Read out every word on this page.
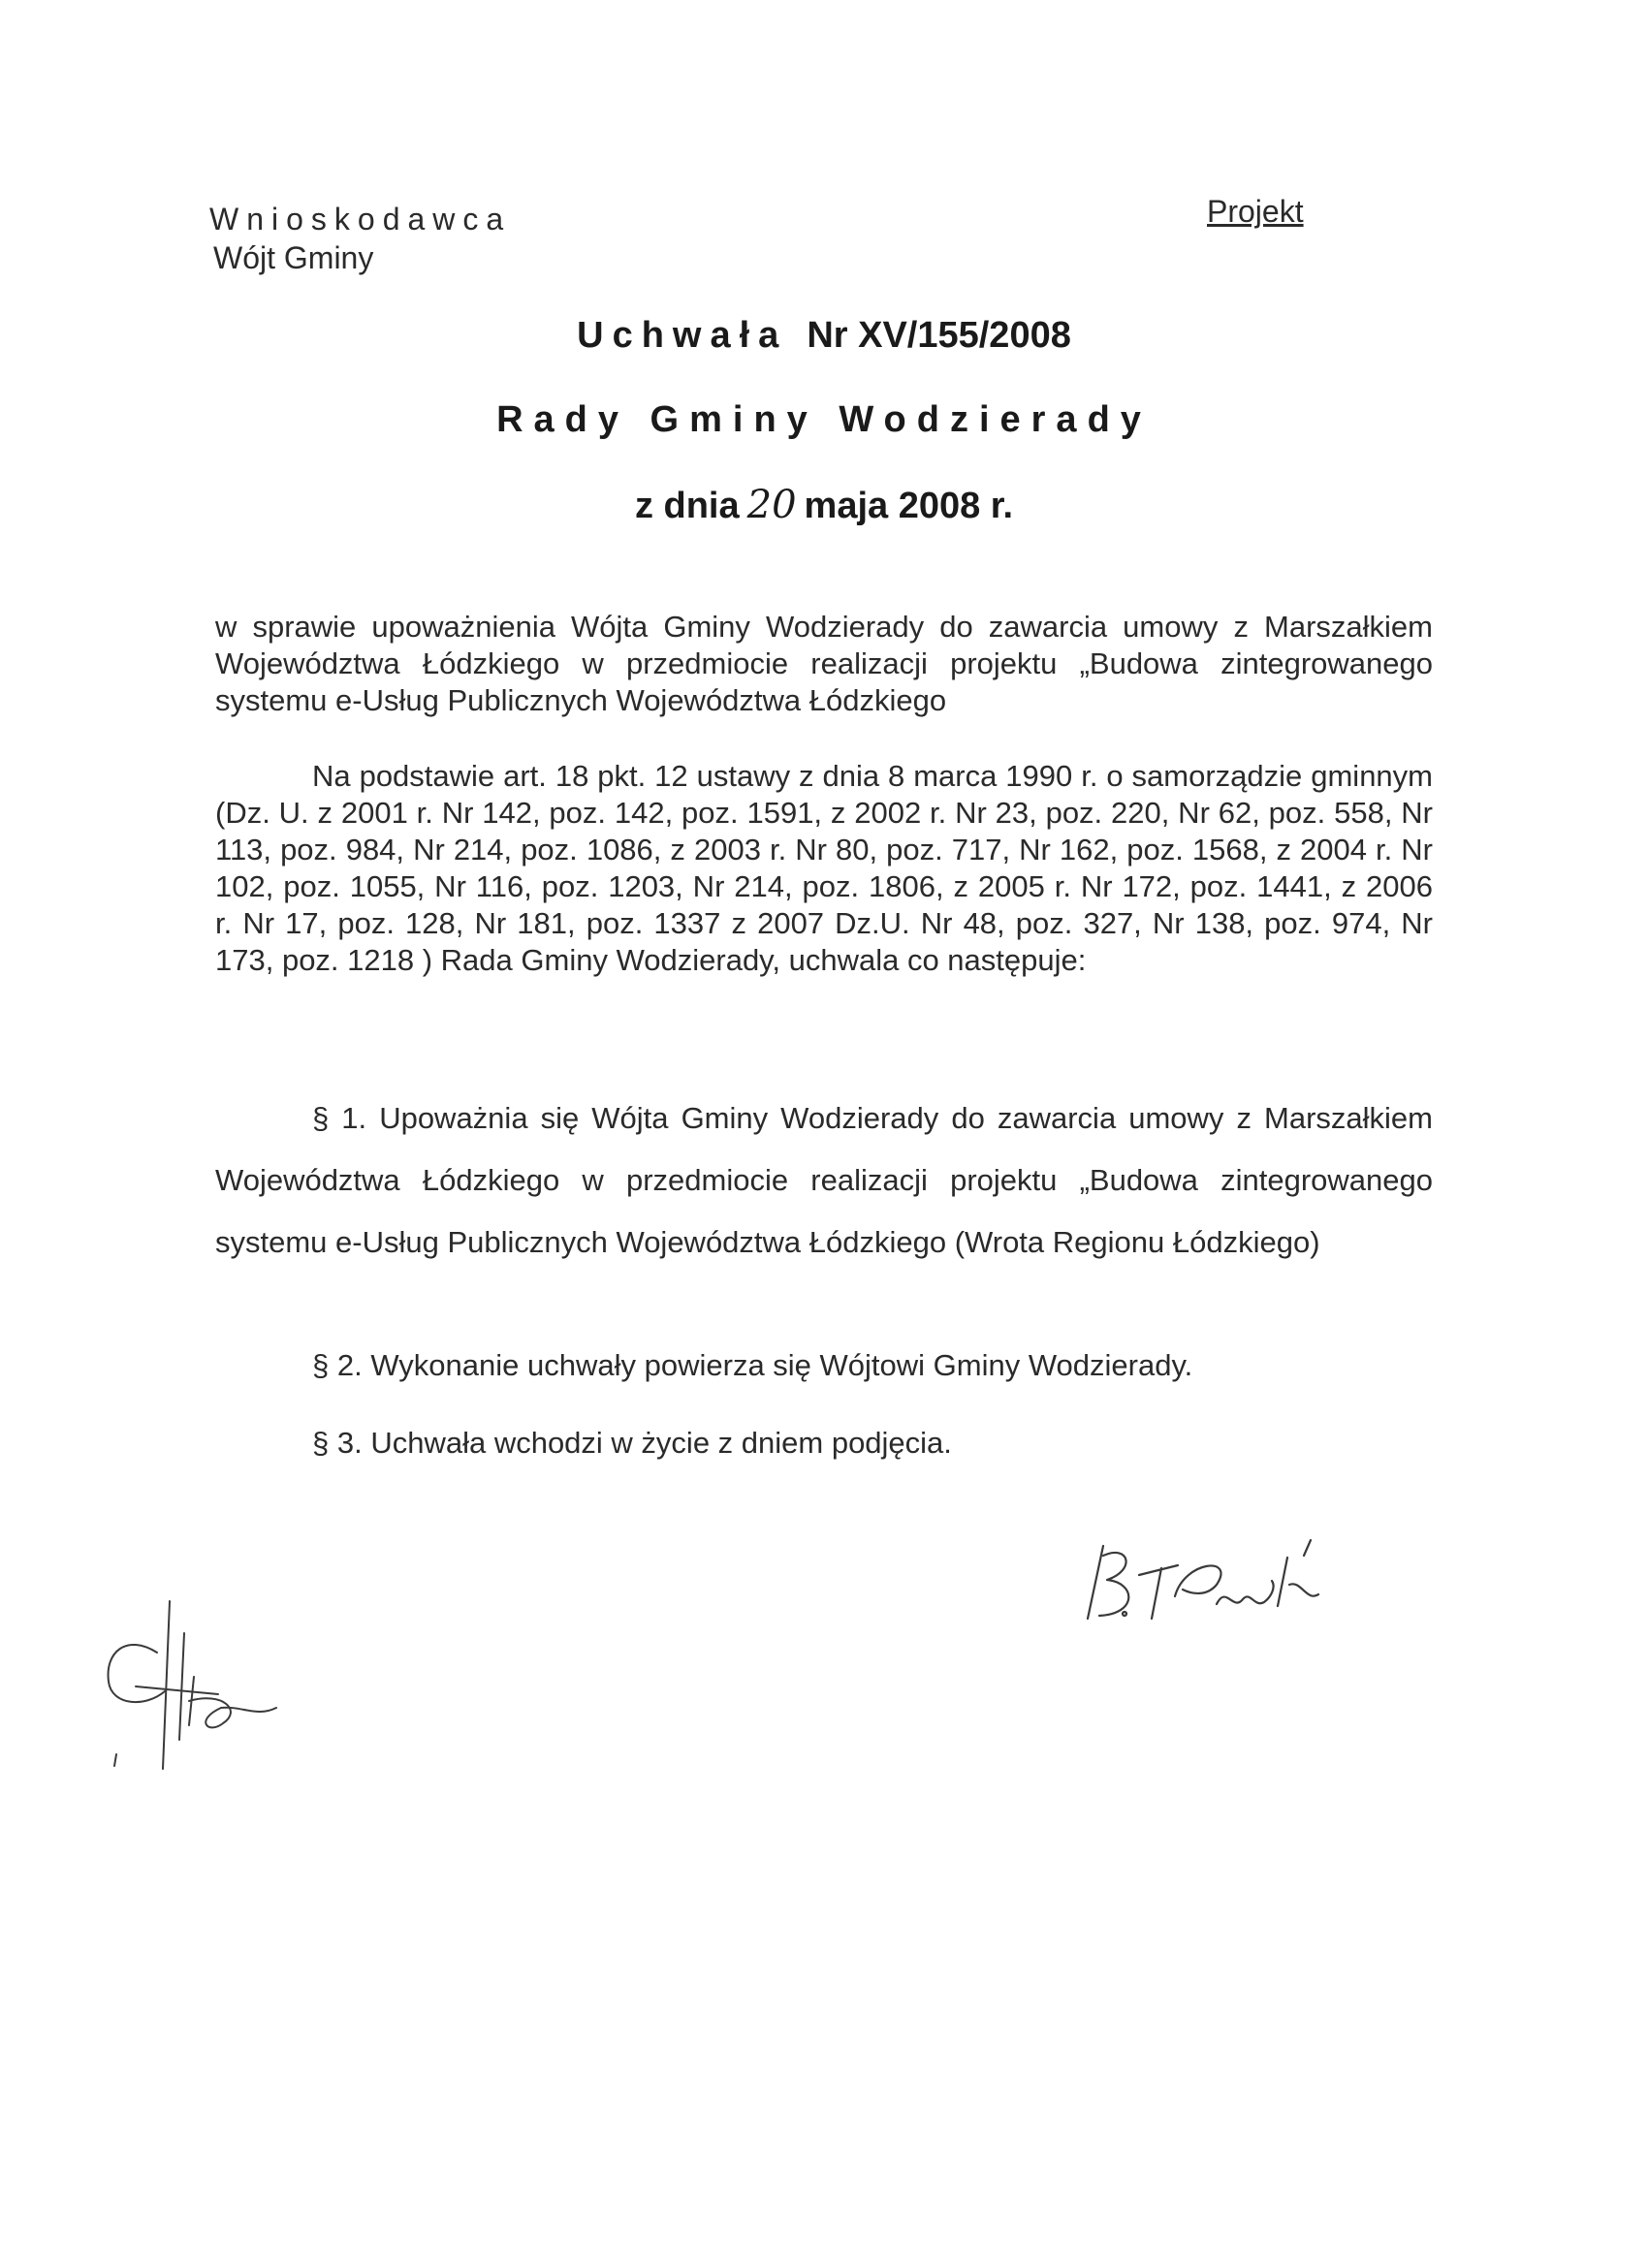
Wnioskodawca
Wójt Gminy
Projekt
Uchwała Nr XV/155/2008
Rady Gminy Wodzierady
z dnia 20 maja 2008 r.
w sprawie upoważnienia Wójta Gminy Wodzierady do zawarcia umowy z Marszałkiem Województwa Łódzkiego w przedmiocie realizacji projektu „Budowa zintegrowanego systemu e-Usług Publicznych Województwa Łódzkiego
Na podstawie art. 18 pkt. 12 ustawy z dnia 8 marca 1990 r. o samorządzie gminnym (Dz. U. z 2001 r. Nr 142, poz. 142, poz. 1591, z 2002 r. Nr 23, poz. 220, Nr 62, poz. 558, Nr 113, poz. 984, Nr 214, poz. 1086, z 2003 r. Nr 80, poz. 717, Nr 162, poz. 1568, z 2004 r. Nr 102, poz. 1055, Nr 116, poz. 1203, Nr 214, poz. 1806, z 2005 r. Nr 172, poz. 1441, z 2006 r. Nr 17, poz. 128, Nr 181, poz. 1337 z 2007 Dz.U. Nr 48, poz. 327, Nr 138, poz. 974, Nr 173, poz. 1218 ) Rada Gminy Wodzierady, uchwala co następuje:
§ 1. Upoważnia się Wójta Gminy Wodzierady do zawarcia umowy z Marszałkiem Województwa Łódzkiego w przedmiocie realizacji projektu „Budowa zintegrowanego systemu e-Usług Publicznych Województwa Łódzkiego (Wrota Regionu Łódzkiego)
§ 2. Wykonanie uchwały powierza się Wójtowi Gminy Wodzierady.
§ 3. Uchwała wchodzi w życie z dniem podjęcia.
